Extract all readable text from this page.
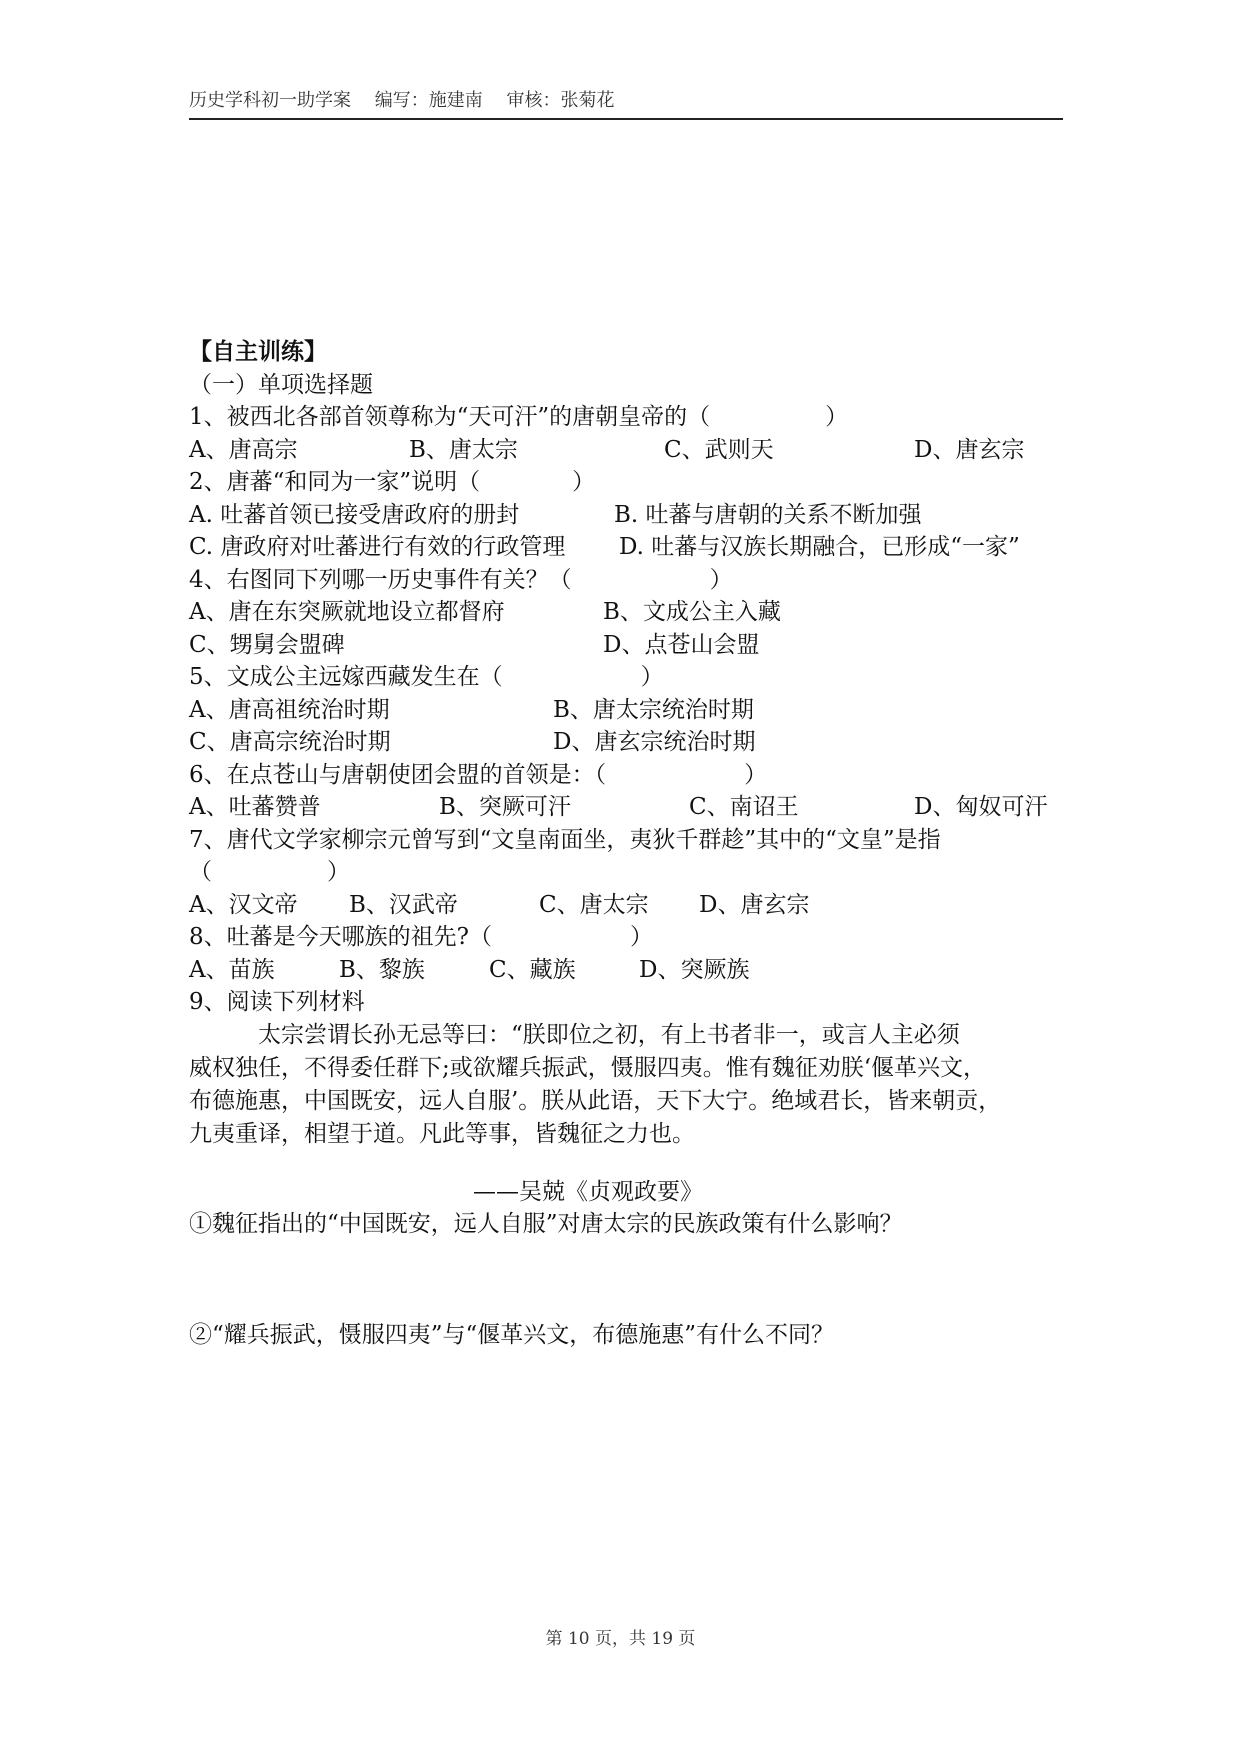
历史学科初一助学案 编写：施建南 审核：张菊花
【自主训练】
（一）单项选择题
1、被西北各部首领尊称为“天可汗”的唐朝皇帝的（　　　　　）
A、唐高宗	B、唐太宗	C、武则天	D、唐玄宗
2、唐蕃“和同为一家”说明（　　　　）
A. 吐蕃首领已接受唐政府的册封	B. 吐蕃与唐朝的关系不断加强
C. 唐政府对吐蕃进行有效的行政管理 D. 吐蕃与汉族长期融合，已形成“一家”
4、右图同下列哪一历史事件有关？（　　　　　　）
A、唐在东突厥就地设立都督府	B、文成公主入藏
C、甥舅会盟碑	D、点苍山会盟
5、文成公主远嫁西藏发生在（　　　　　　）
A、唐高祖统治时期	B、唐太宗统治时期
C、唐高宗统治时期	D、唐玄宗统治时期
6、在点苍山与唐朝使团会盟的首领是：（　　　　　　）
A、吐蕃赞普	B、突厥可汗	C、南诏王	D、匈奴可汗
7、唐代文学家柳宗元曾写到“文皇南面坐，夷狄千群趁”其中的“文皇”是指
（　　　　　）
A、汉文帝 B、汉武帝	C、唐太宗 D、唐玄宗
8、吐蕃是今天哪族的祖先?（　　　　　　）
A、苗族	B、黎族	C、藏族	D、突厥族
9、阅读下列材料
　　　太宗尝谓长孙无忌等曰：“朕即位之初，有上书者非一，或言人主必须
威权独任，不得委任群下;或欲耀兵振武，慑服四夷。惟有魏征劝朕‘偃革兴文，
布德施惠，中国既安，远人自服’。朕从此语，天下大宁。绝域君长，皆来朝贡，
九夷重译，相望于道。凡此等事，皆魏征之力也。
——吴兢《贞观政要》
①魏征指出的“中国既安，远人自服”对唐太宗的民族政策有什么影响？
②“耀兵振武，慑服四夷”与“偃革兴文，布德施惠”有什么不同？
第 10 页，共 19 页
